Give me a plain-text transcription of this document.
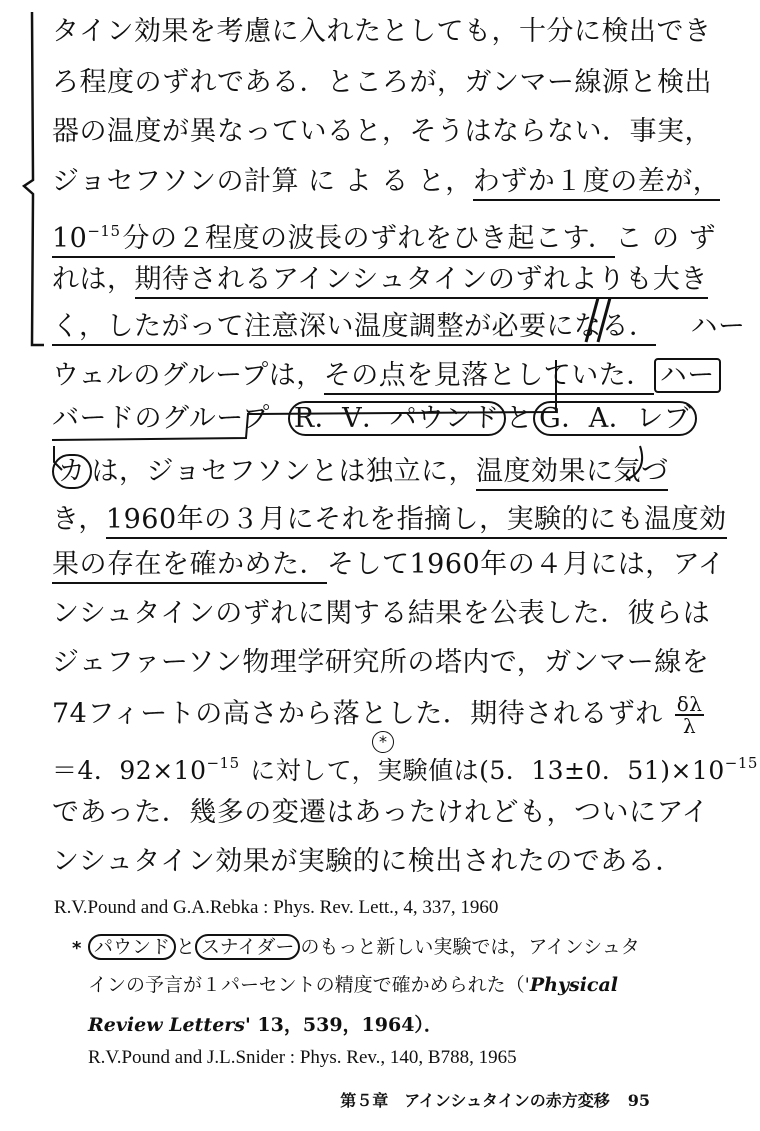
タイン効果を考慮に入れたとしても，十分に検出でき
ろ程度のずれである．ところが，ガンマー線源と検出
器の温度が異なっていると，そうはならない．事実，
ジョセフソンの計算 に よ る と，わずか１度の差が，
$10^{-15}$分の２程度の波長のずれをひき起こす．こ の ず
れは，期待されるアインシュタインのずれよりも大き
く，したがって注意深い温度調整が必要になる． ハー
ウェルのグループは，その点を見落としていた． ハー
バードのグループ R．V．パウンド と G．A．レブ
カ は，ジョセフソンとは独立に，温度効果に気づ
き，1960年の３月にそれを指摘し，実験的にも温度効
果の存在を確かめた．そして1960年の４月には，アイ
ンシュタインのずれに関する結果を公表した．彼らは
ジェファーソン物理学研究所の塔内で，ガンマー線を
74フィートの高さから落とした．期待されるずれ $\frac{\delta\lambda}{\lambda}$
＝4．$92\times 10^{-15}$ に対して，実験値は(5．13±0．$51)\times 10^{-15}$
*
であった．幾多の変遷はあったけれども，ついにアイ
ンシュタイン効果が実験的に検出されたのである．
R.V.Pound and G.A.Rebka : Phys. Rev. Lett., 4, 337, 1960
* パウンド と スナイダー のもっと新しい実験では，アインシュタ
インの予言が１パーセントの精度で確かめられた（'Physical
Review Letters' 13，539，1964）．
R.V.Pound and J.L.Snider : Phys. Rev., 140, B788, 1965
第５章　アインシュタインの赤方変移 95
